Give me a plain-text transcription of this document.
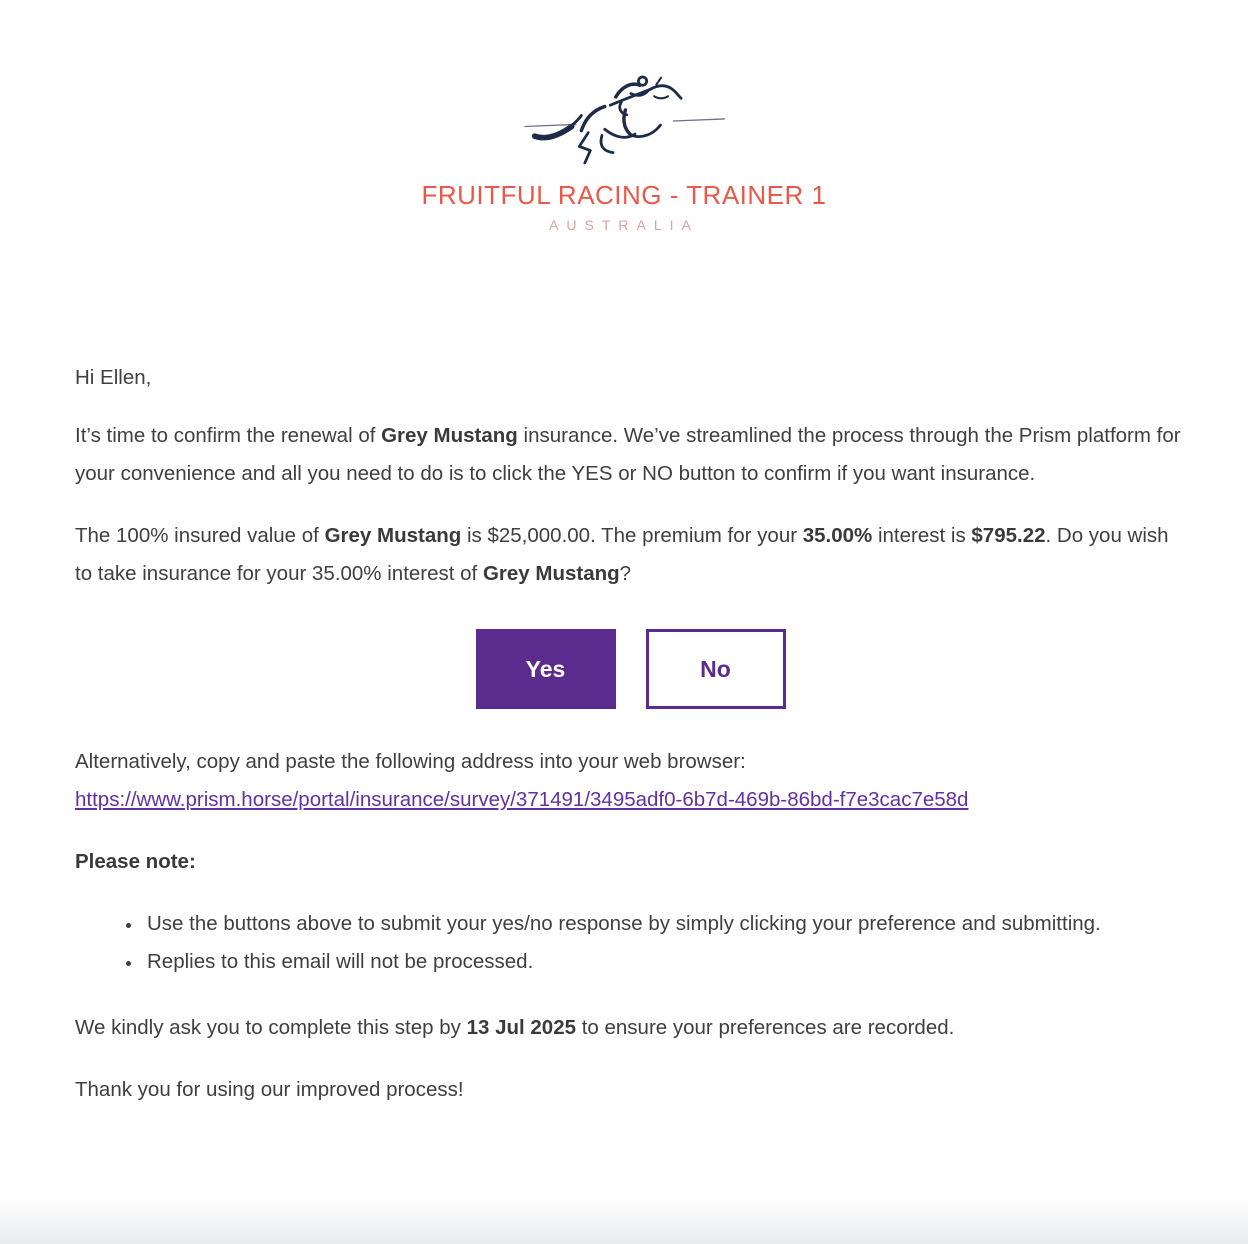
FRUITFUL RACING - TRAINER 1
AUSTRALIA

Hi Ellen,

It’s time to confirm the renewal of Grey Mustang insurance. We’ve streamlined the process through the Prism platform for your convenience and all you need to do is to click the YES or NO button to confirm if you want insurance.

The 100% insured value of Grey Mustang is $25,000.00. The premium for your 35.00% interest is $795.22. Do you wish to take insurance for your 35.00% interest of Grey Mustang?

Yes	No

Alternatively, copy and paste the following address into your web browser:
https://www.prism.horse/portal/insurance/survey/371491/3495adf0-6b7d-469b-86bd-f7e3cac7e58d

Please note:

• Use the buttons above to submit your yes/no response by simply clicking your preference and submitting.
• Replies to this email will not be processed.

We kindly ask you to complete this step by 13 Jul 2025 to ensure your preferences are recorded.

Thank you for using our improved process!
